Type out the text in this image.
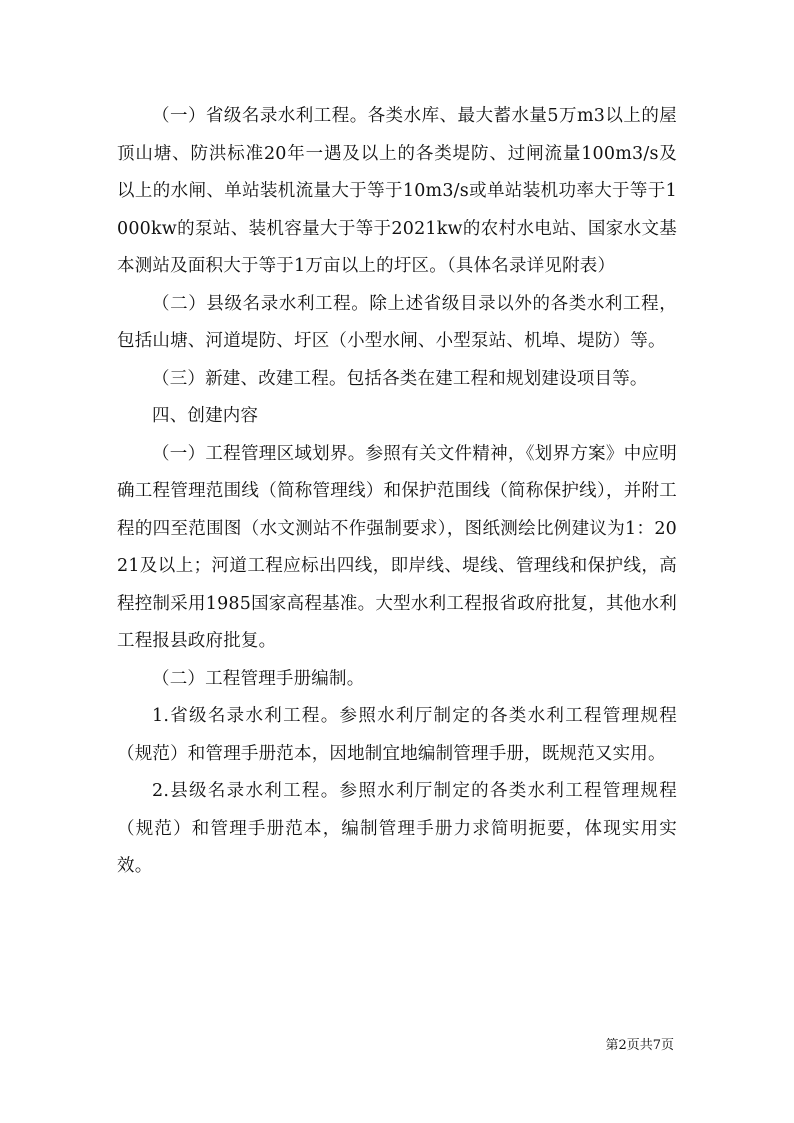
（一）省级名录水利工程。各类水库、最大蓄水量5万m3以上的屋顶山塘、防洪标准20年一遇及以上的各类堤防、过闸流量100m3/s及以上的水闸、单站装机流量大于等于10m3/s或单站装机功率大于等于1000kw的泵站、装机容量大于等于2021kw的农村水电站、国家水文基本测站及面积大于等于1万亩以上的圩区。（具体名录详见附表）

（二）县级名录水利工程。除上述省级目录以外的各类水利工程，包括山塘、河道堤防、圩区（小型水闸、小型泵站、机埠、堤防）等。

（三）新建、改建工程。包括各类在建工程和规划建设项目等。

四、创建内容

（一）工程管理区域划界。参照有关文件精神，《划界方案》中应明确工程管理范围线（简称管理线）和保护范围线（简称保护线），并附工程的四至范围图（水文测站不作强制要求），图纸测绘比例建议为1：2021及以上；河道工程应标出四线，即岸线、堤线、管理线和保护线，高程控制采用1985国家高程基准。大型水利工程报省政府批复，其他水利工程报县政府批复。

（二）工程管理手册编制。

1.省级名录水利工程。参照水利厅制定的各类水利工程管理规程（规范）和管理手册范本，因地制宜地编制管理手册，既规范又实用。

2.县级名录水利工程。参照水利厅制定的各类水利工程管理规程（规范）和管理手册范本，编制管理手册力求简明扼要，体现实用实效。

第2页共7页
